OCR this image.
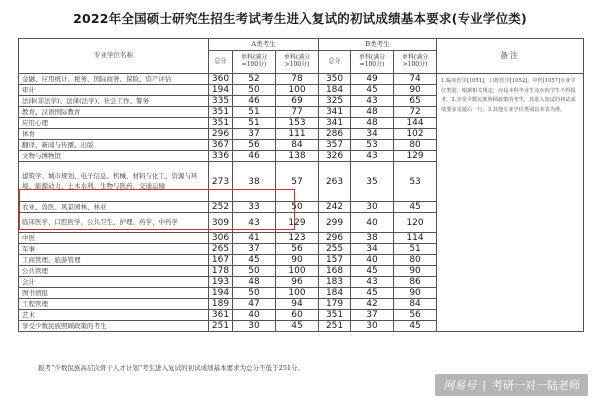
2022年全国硕士研究生招生考试考生进入复试的初试成绩基本要求(专业学位类)
专业学位名称	A类考生			B类考生			备注
	总分	单科(满分=100分)	单科(满分>100分)	总分	单科(满分=100分)	单科(满分>100分)	
金融、应用统计、税务、国际商务、保险、资产评估	360	52	78	350	49	74	1.临床医学[1051]、口腔医学[1052]、中医[1057]专业学位类别，根据相关规定，应届本科毕业生及在校学生不得报考。2.享受少数民族照顾政策的考生，其进入复试的初试成绩要求见最后一行。3.其他专业学位类别以本表为准。

审计	194	50	100	184	45	90	
法律(非法学)、法律(法学)、社会工作、警务	335	46	69	325	43	65	
教育、汉语国际教育	351	51	77	341	48	72	
应用心理	351	51	153	341	48	144	
体育	296	37	111	286	34	102	
翻译、新闻与传播、出版	367	56	84	357	53	80	
文物与博物馆	336	46	138	326	43	129	
建筑学、城市规划、电子信息、机械、材料与化工、资源与环境、能源动力、土木水利、生物与医药、交通运输	273	38	57	263	35	53	
农业、兽医、风景园林、林业	252	33	50	242	30	45	
临床医学、口腔医学、公共卫生、护理、药学、中药学	309	43	129	299	40	120	
中医	306	41	123	296	38	114	
军事	265	37	56	255	34	51	
工商管理、旅游管理	167	45	90	157	40	80	
公共管理	178	50	100	168	45	90	
会计	193	48	96	183	43	86	
图书情报	194	50	100	184	45	90	
工程管理	189	47	94	179	42	84	
艺术	361	40	60	351	37	56	
享受少数民族照顾政策的考生	251	30	45	251	30	45	
报考“少数民族高层次骨干人才计划”考生进入复试的初试成绩基本要求为总分不低于251分。
网易号 | 考研一对一陆老师
